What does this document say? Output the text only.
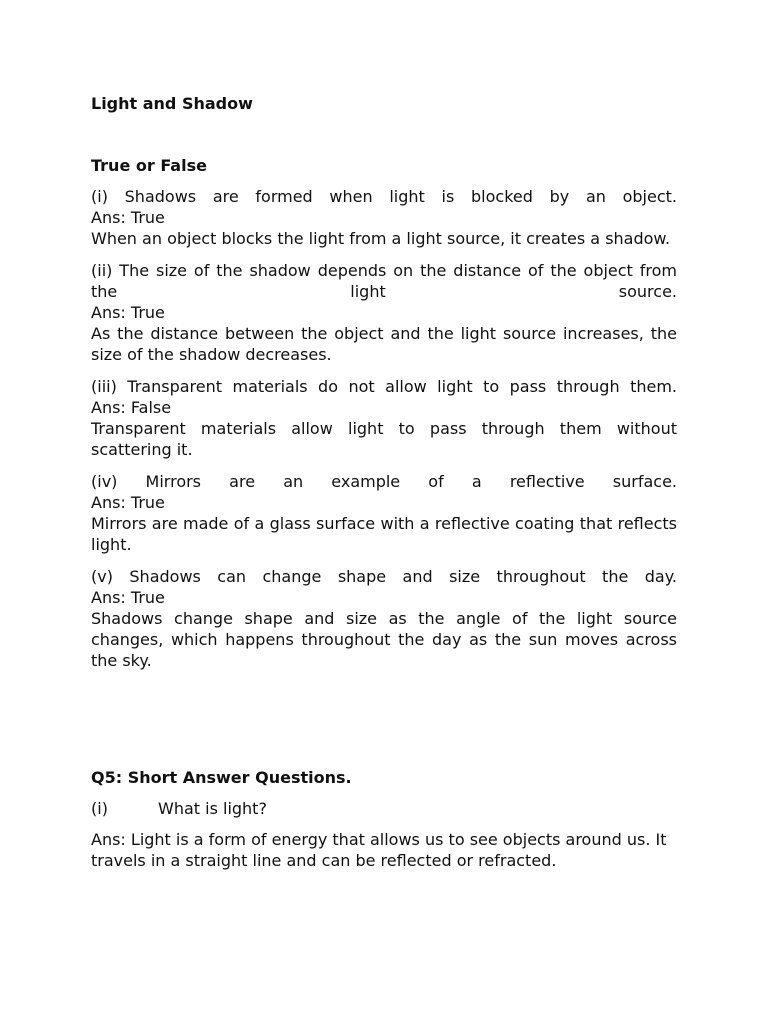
Light and Shadow
True or False
(i) Shadows are formed when light is blocked by an object.
Ans: True
When an object blocks the light from a light source, it creates a shadow.
(ii) The size of the shadow depends on the distance of the object from the light source.
Ans: True
As the distance between the object and the light source increases, the size of the shadow decreases.
(iii) Transparent materials do not allow light to pass through them.
Ans: False
Transparent materials allow light to pass through them without scattering it.
(iv) Mirrors are an example of a reflective surface.
Ans: True
Mirrors are made of a glass surface with a reflective coating that reflects light.
(v) Shadows can change shape and size throughout the day.
Ans: True
Shadows change shape and size as the angle of the light source changes, which happens throughout the day as the sun moves across the sky.
Q5: Short Answer Questions.
(i)	What is light?

Ans: Light is a form of energy that allows us to see objects around us. It travels in a straight line and can be reflected or refracted.
